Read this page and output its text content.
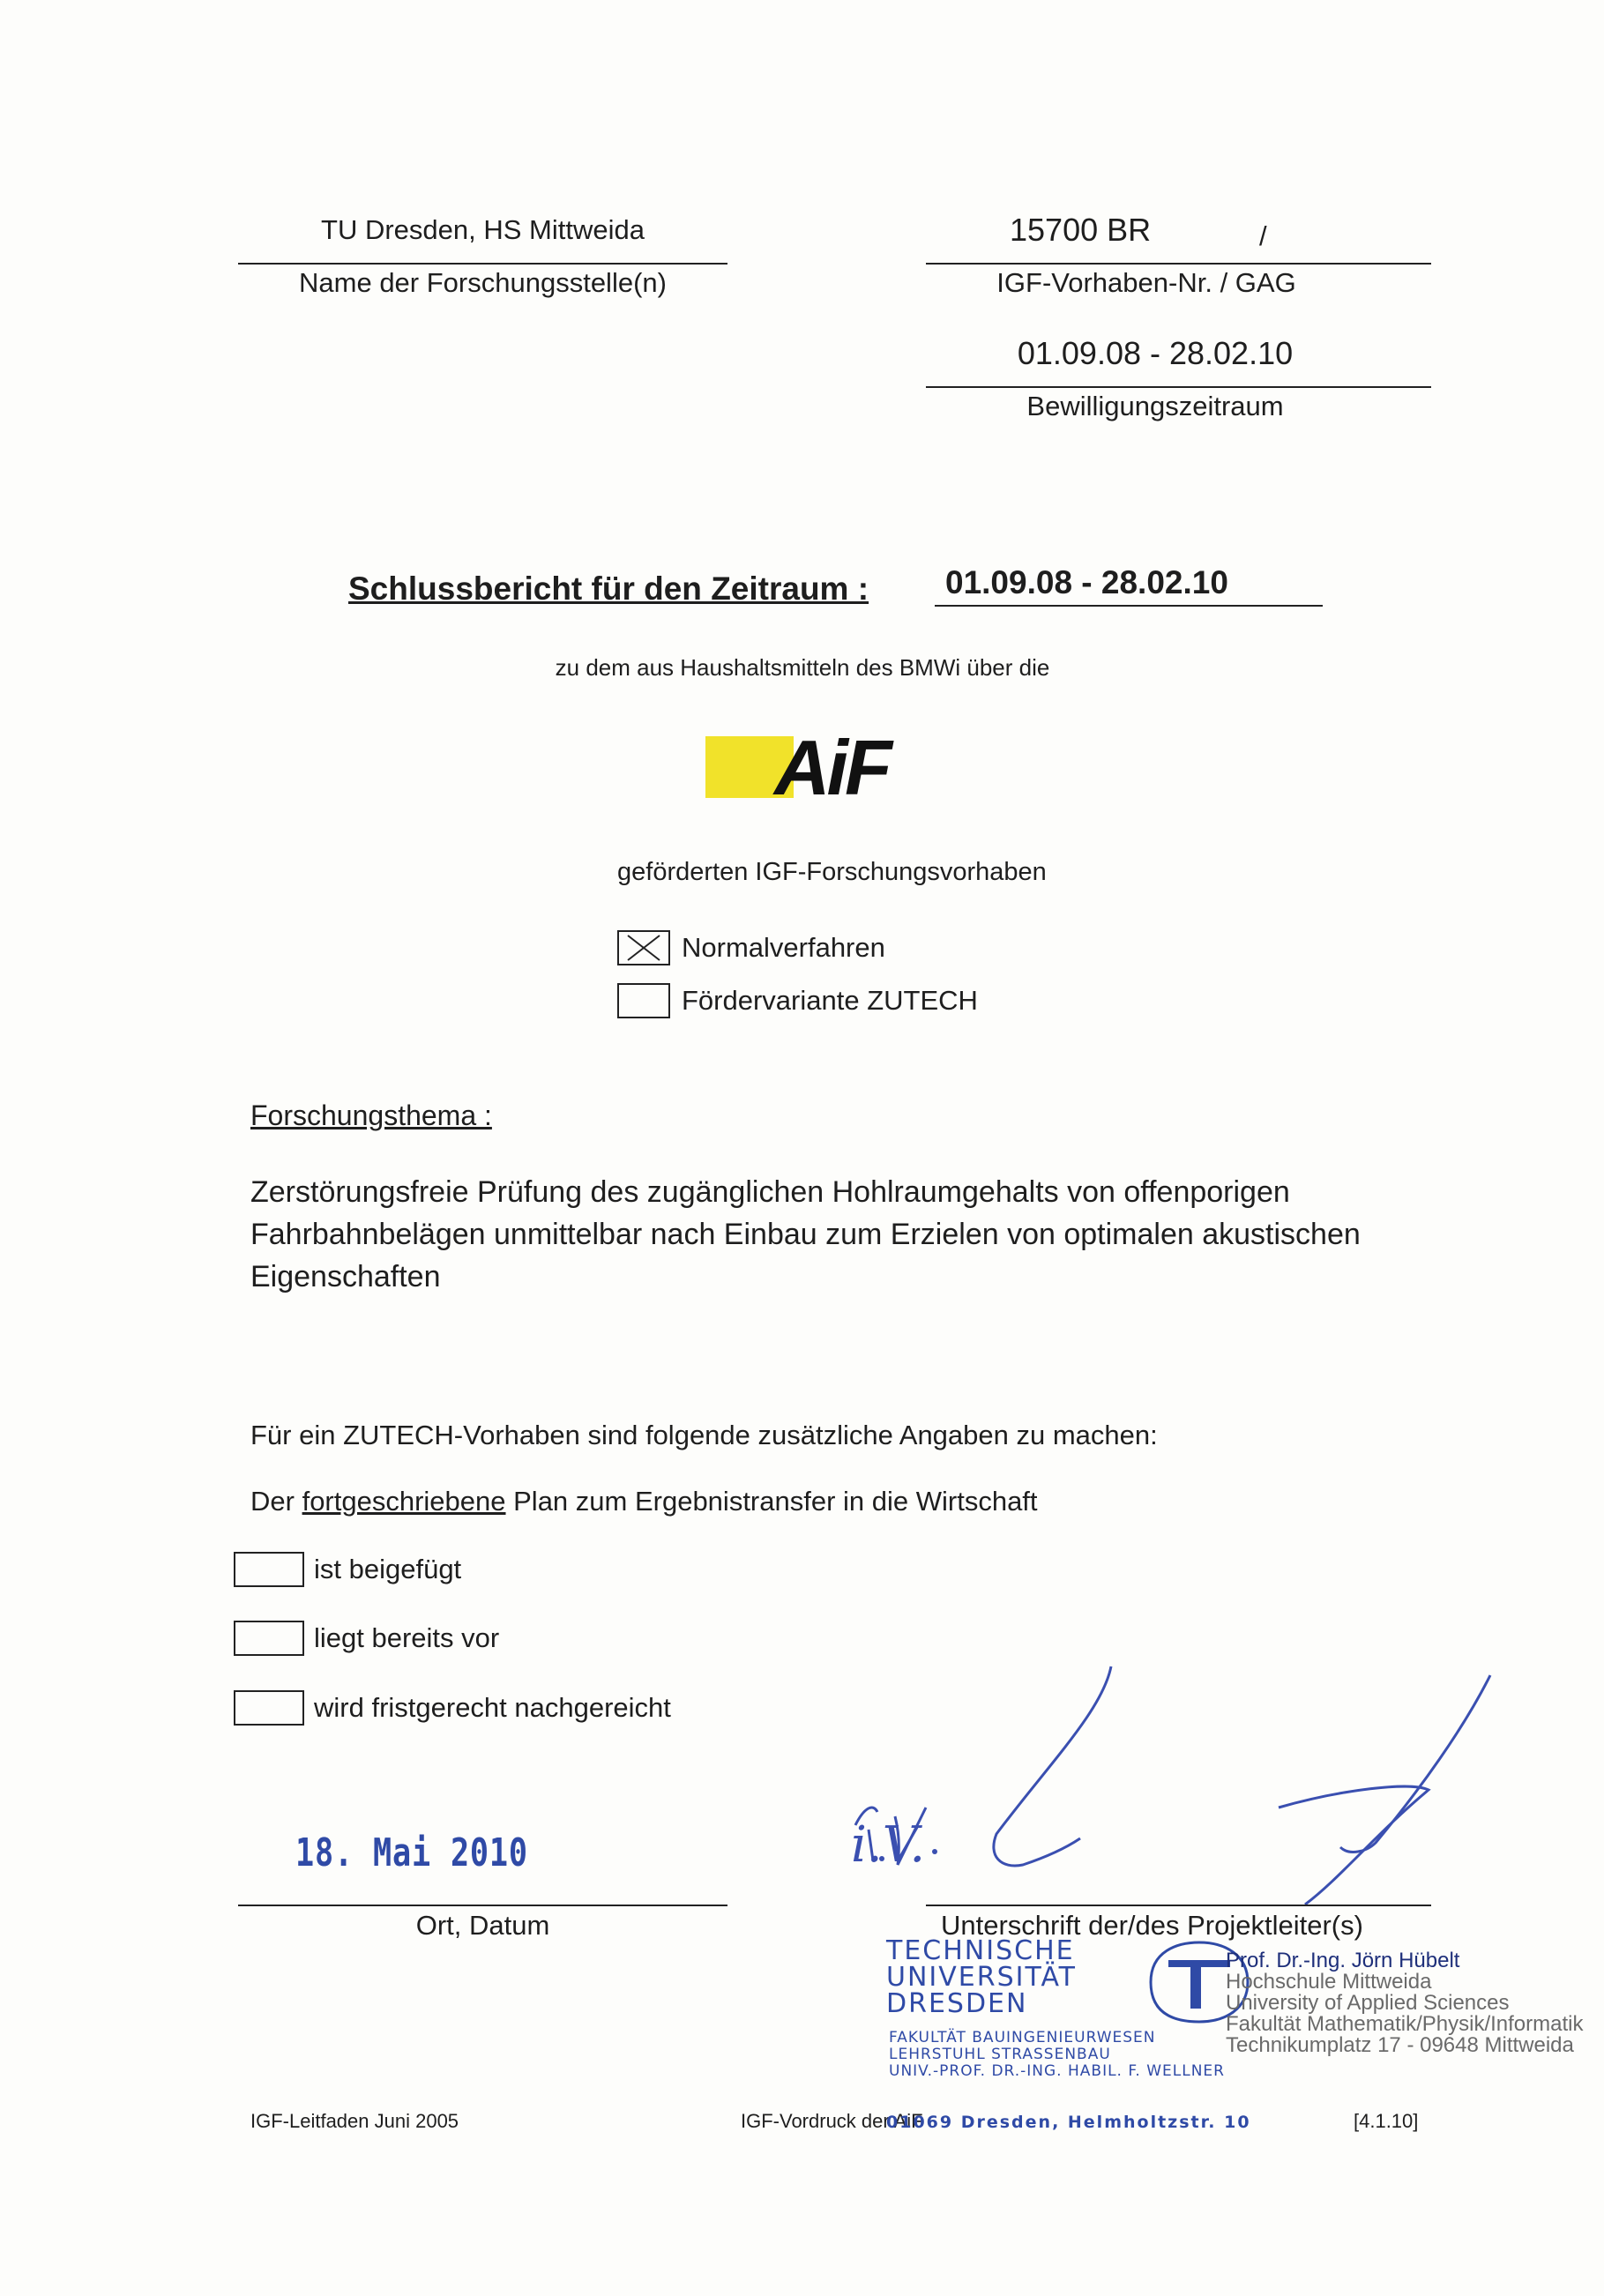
TU Dresden, HS Mittweida
Name der Forschungsstelle(n)
15700 BR	/
IGF-Vorhaben-Nr. / GAG
01.09.08 - 28.02.10
Bewilligungszeitraum
Schlussbericht für den Zeitraum : 01.09.08 - 28.02.10
zu dem aus Haushaltsmitteln des BMWi über die
AiF
geförderten IGF-Forschungsvorhaben
Normalverfahren
Fördervariante ZUTECH
Forschungsthema :
Zerstörungsfreie Prüfung des zugänglichen Hohlraumgehalts von offenporigen
Fahrbahnbelägen unmittelbar nach Einbau zum Erzielen von optimalen akustischen
Eigenschaften
Für ein ZUTECH-Vorhaben sind folgende zusätzliche Angaben zu machen:
Der fortgeschriebene Plan zum Ergebnistransfer in die Wirtschaft
ist beigefügt
liegt bereits vor
wird fristgerecht nachgereicht
18. Mai 2010
Ort, Datum
i.V.
Unterschrift der/des Projektleiter(s)
TECHNISCHE
UNIVERSITÄT
DRESDEN
FAKULTÄT BAUINGENIEURWESEN
LEHRSTUHL STRASSENBAU
UNIV.-PROF. DR.-ING. HABIL. F. WELLNER
Prof. Dr.-Ing. Jörn Hübelt
Hochschule Mittweida
University of Applied Sciences
Fakultät Mathematik/Physik/Informatik
Technikumplatz 17 - 09648 Mittweida
IGF-Leitfaden Juni 2005	IGF-Vordruck der AiF
01069 Dresden, Helmholtzstr. 10	[4.1.10]
